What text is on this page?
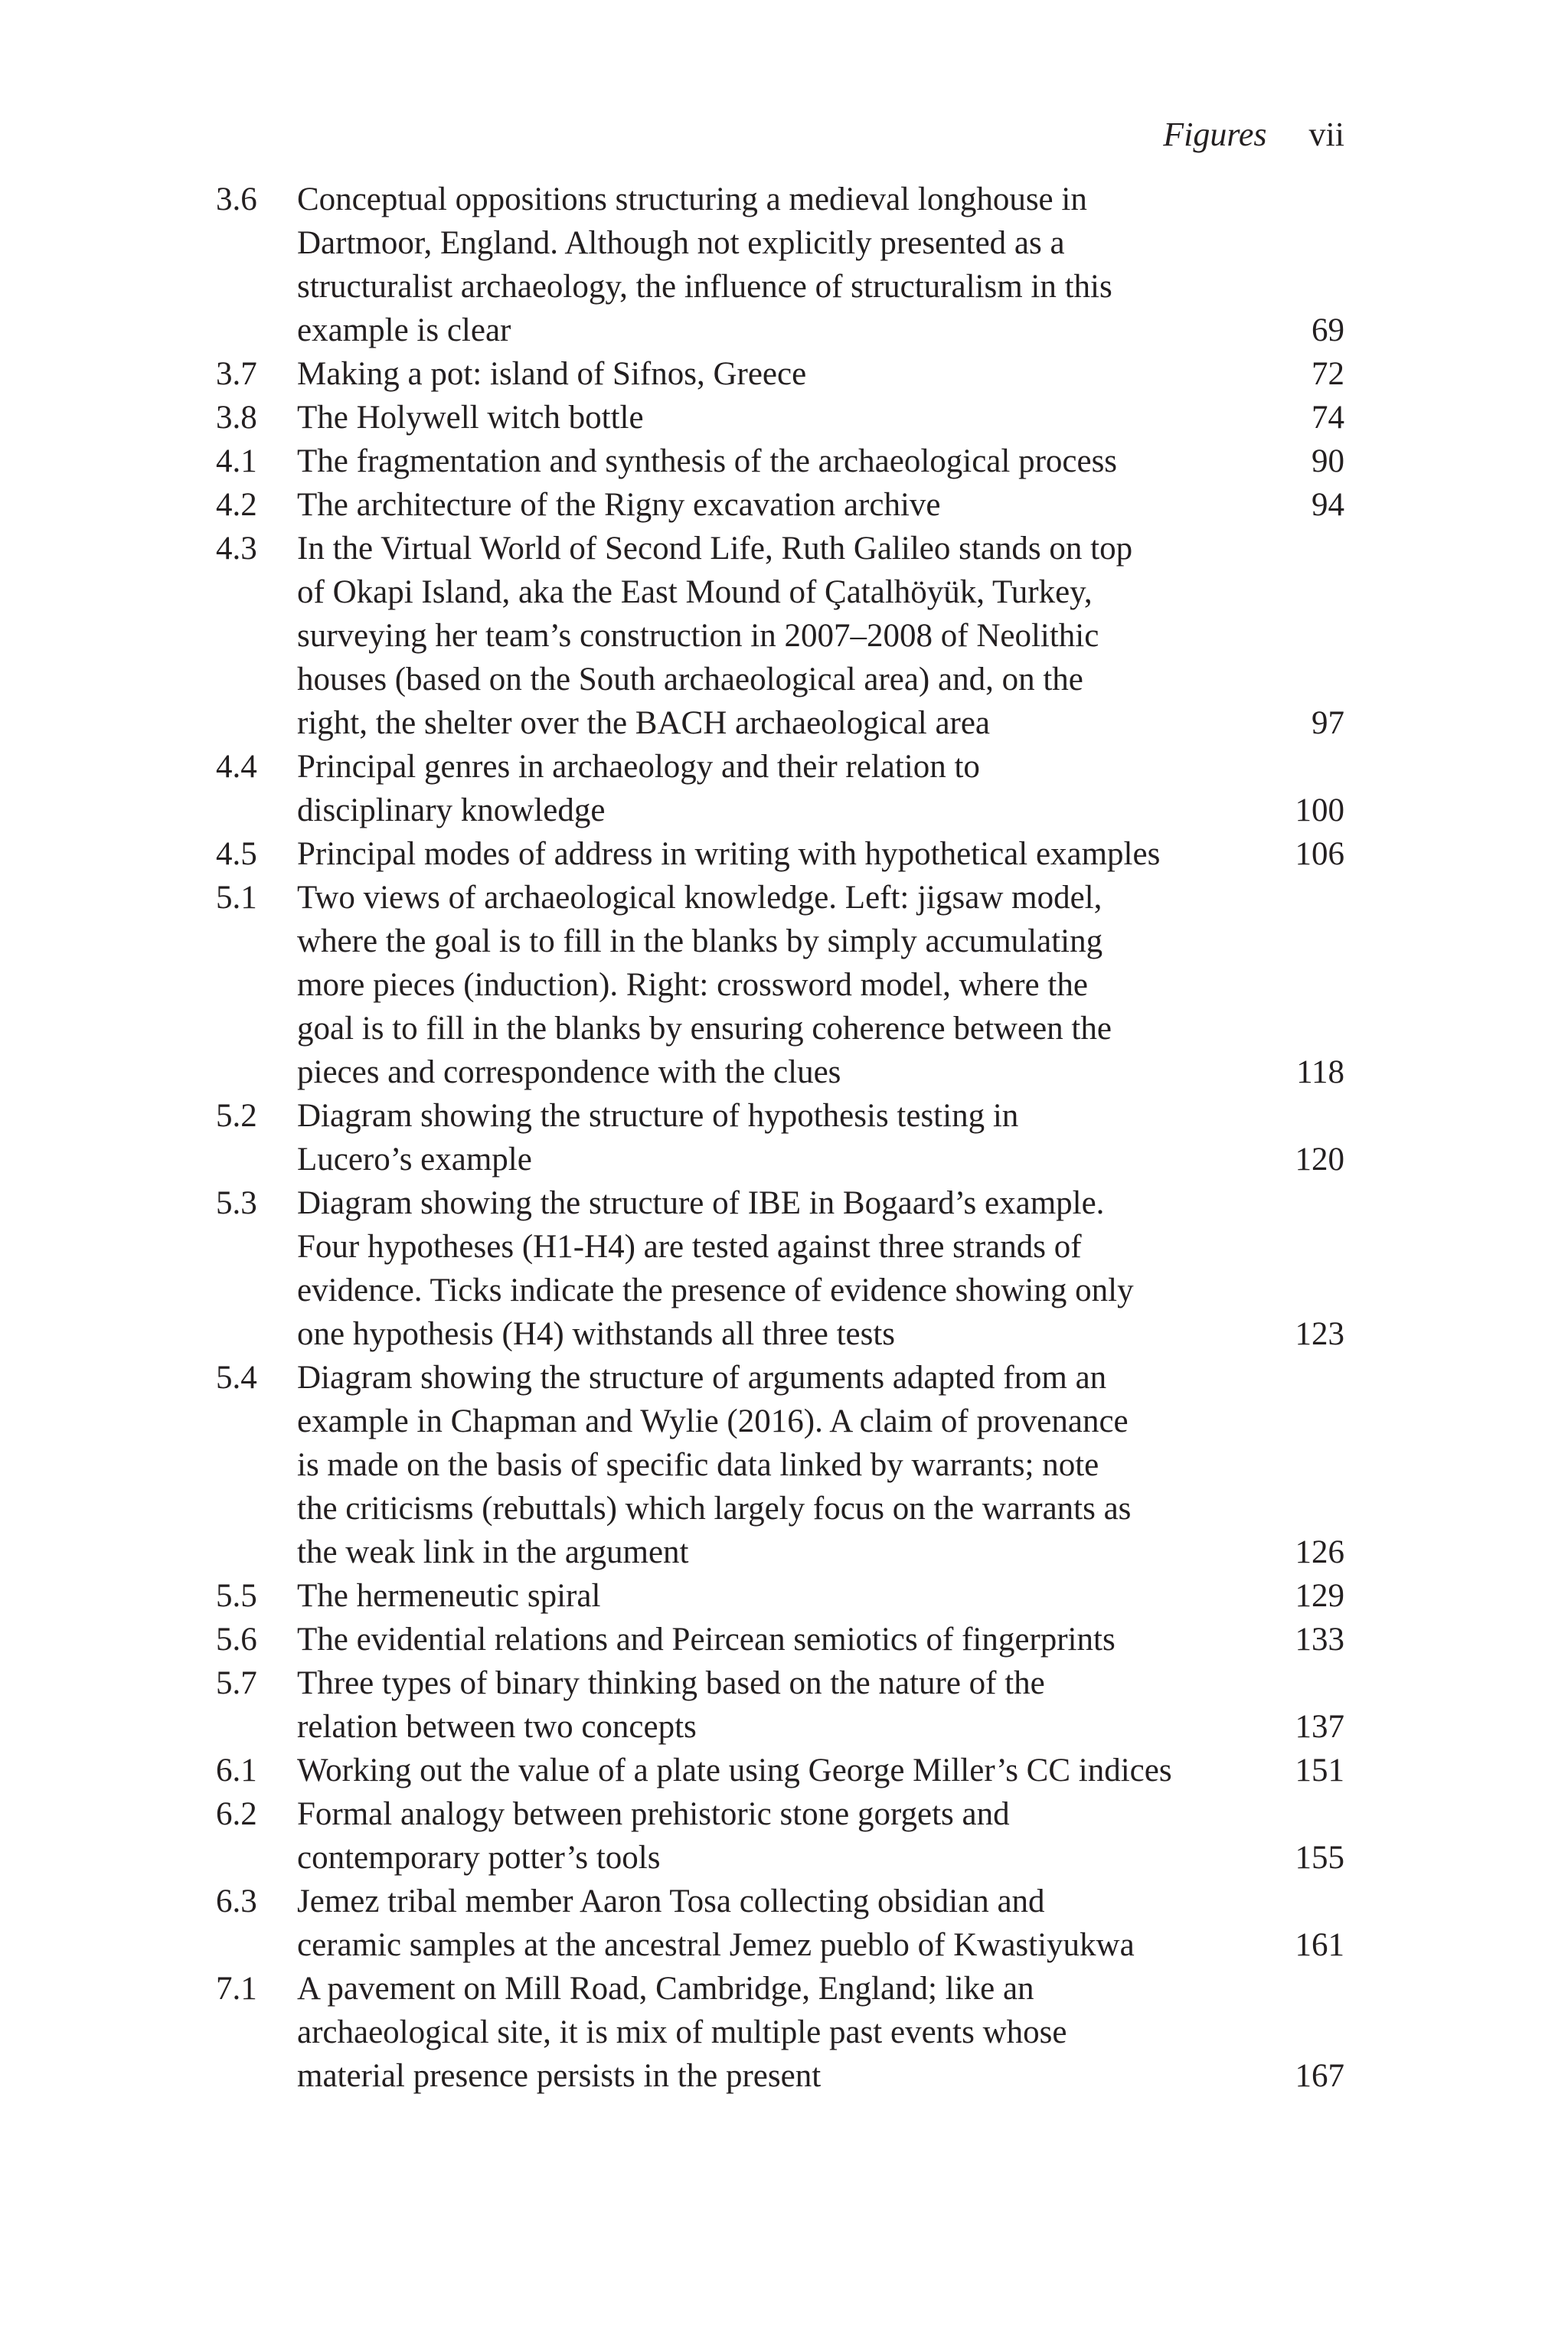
Figures vii
3.6	Conceptual oppositions structuring a medieval longhouse in
Dartmoor, England. Although not explicitly presented as a
structuralist archaeology, the influence of structuralism in this
example is clear	69
3.7	Making a pot: island of Sifnos, Greece	72
3.8	The Holywell witch bottle	74
4.1	The fragmentation and synthesis of the archaeological process	90
4.2	The architecture of the Rigny excavation archive	94
4.3	In the Virtual World of Second Life, Ruth Galileo stands on top
of Okapi Island, aka the East Mound of Çatalhöyük, Turkey,
surveying her team’s construction in 2007–2008 of Neolithic
houses (based on the South archaeological area) and, on the
right, the shelter over the BACH archaeological area	97
4.4	Principal genres in archaeology and their relation to
disciplinary knowledge	100
4.5	Principal modes of address in writing with hypothetical examples	106
5.1	Two views of archaeological knowledge. Left: jigsaw model,
where the goal is to fill in the blanks by simply accumulating
more pieces (induction). Right: crossword model, where the
goal is to fill in the blanks by ensuring coherence between the
pieces and correspondence with the clues	118
5.2	Diagram showing the structure of hypothesis testing in
Lucero’s example	120
5.3	Diagram showing the structure of IBE in Bogaard’s example.
Four hypotheses (H1-H4) are tested against three strands of
evidence. Ticks indicate the presence of evidence showing only
one hypothesis (H4) withstands all three tests	123
5.4	Diagram showing the structure of arguments adapted from an
example in Chapman and Wylie (2016). A claim of provenance
is made on the basis of specific data linked by warrants; note
the criticisms (rebuttals) which largely focus on the warrants as
the weak link in the argument	126
5.5	The hermeneutic spiral	129
5.6	The evidential relations and Peircean semiotics of fingerprints	133
5.7	Three types of binary thinking based on the nature of the
relation between two concepts	137
6.1	Working out the value of a plate using George Miller’s CC indices	151
6.2	Formal analogy between prehistoric stone gorgets and
contemporary potter’s tools	155
6.3	Jemez tribal member Aaron Tosa collecting obsidian and
ceramic samples at the ancestral Jemez pueblo of Kwastiyukwa	161
7.1	A pavement on Mill Road, Cambridge, England; like an
archaeological site, it is mix of multiple past events whose
material presence persists in the present	167
